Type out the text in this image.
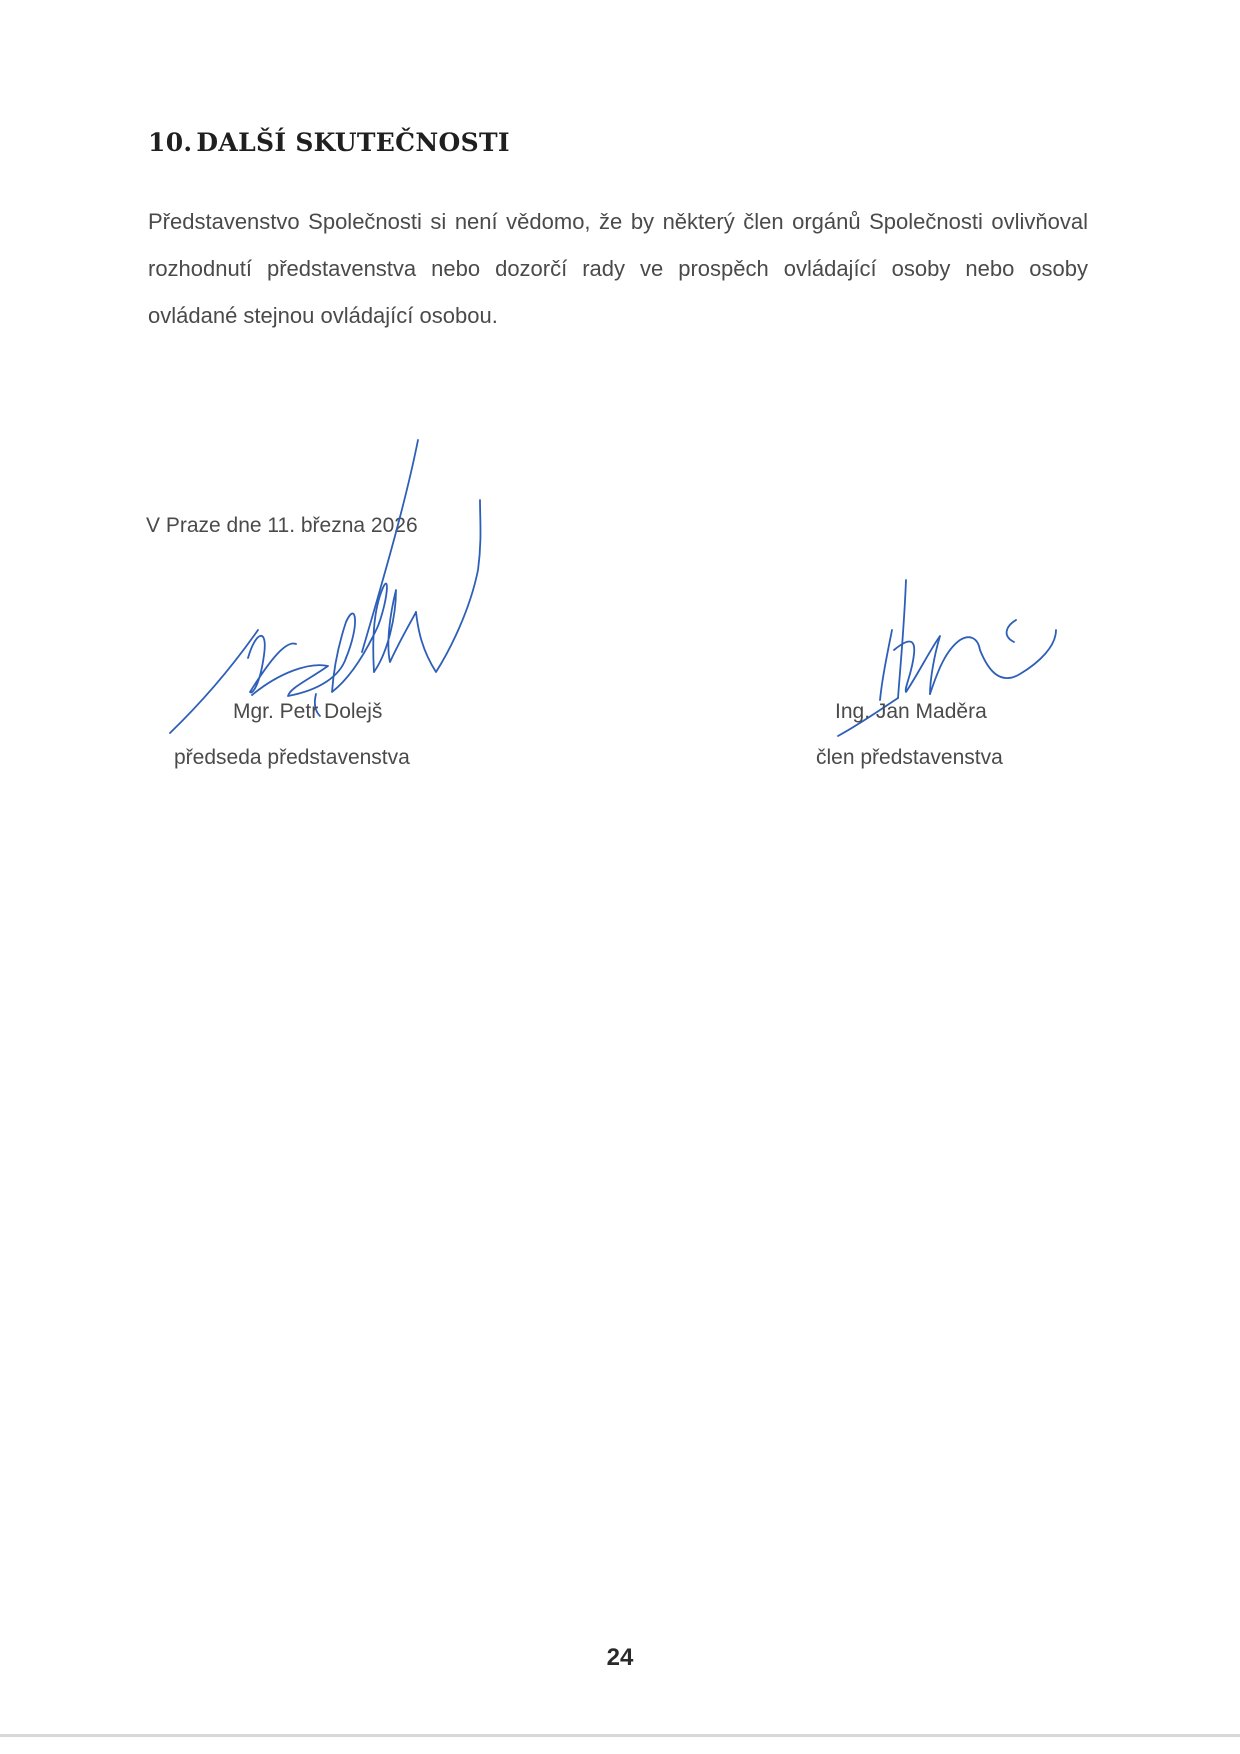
10. DALŠÍ SKUTEČNOSTI

Představenstvo Společnosti si není vědomo, že by některý člen orgánů Společnosti ovlivňoval rozhodnutí představenstva nebo dozorčí rady ve prospěch ovládající osoby nebo osoby ovládané stejnou ovládající osobou.

V Praze dne 11. března 2026
Mgr. Petr Dolejš
předseda představenstva
Ing. Jan Maděra
člen představenstva
24
